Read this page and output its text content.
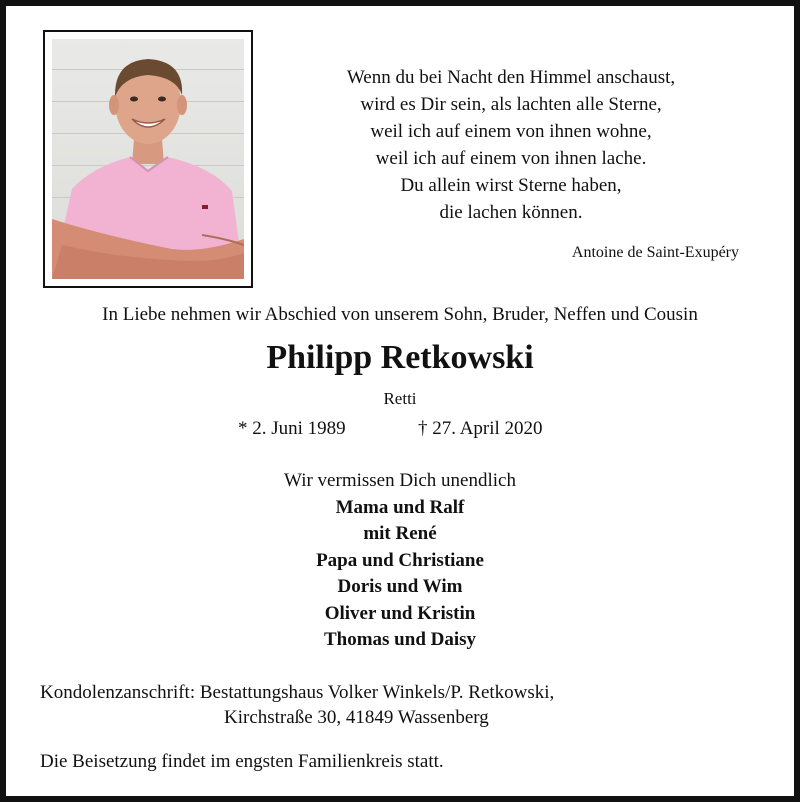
Wenn du bei Nacht den Himmel anschaust,
wird es Dir sein, als lachten alle Sterne,
weil ich auf einem von ihnen wohne,
weil ich auf einem von ihnen lache.
Du allein wirst Sterne haben,
die lachen können.
Antoine de Saint-Exupéry
In Liebe nehmen wir Abschied von unserem Sohn, Bruder, Neffen und Cousin
Philipp Retkowski
Retti
* 2. Juni 1989	† 27. April 2020
Wir vermissen Dich unendlich
Mama und Ralf
mit René
Papa und Christiane
Doris und Wim
Oliver und Kristin
Thomas und Daisy
Kondolenzanschrift: Bestattungshaus Volker Winkels/P. Retkowski,
Kirchstraße 30, 41849 Wassenberg
Die Beisetzung findet im engsten Familienkreis statt.
